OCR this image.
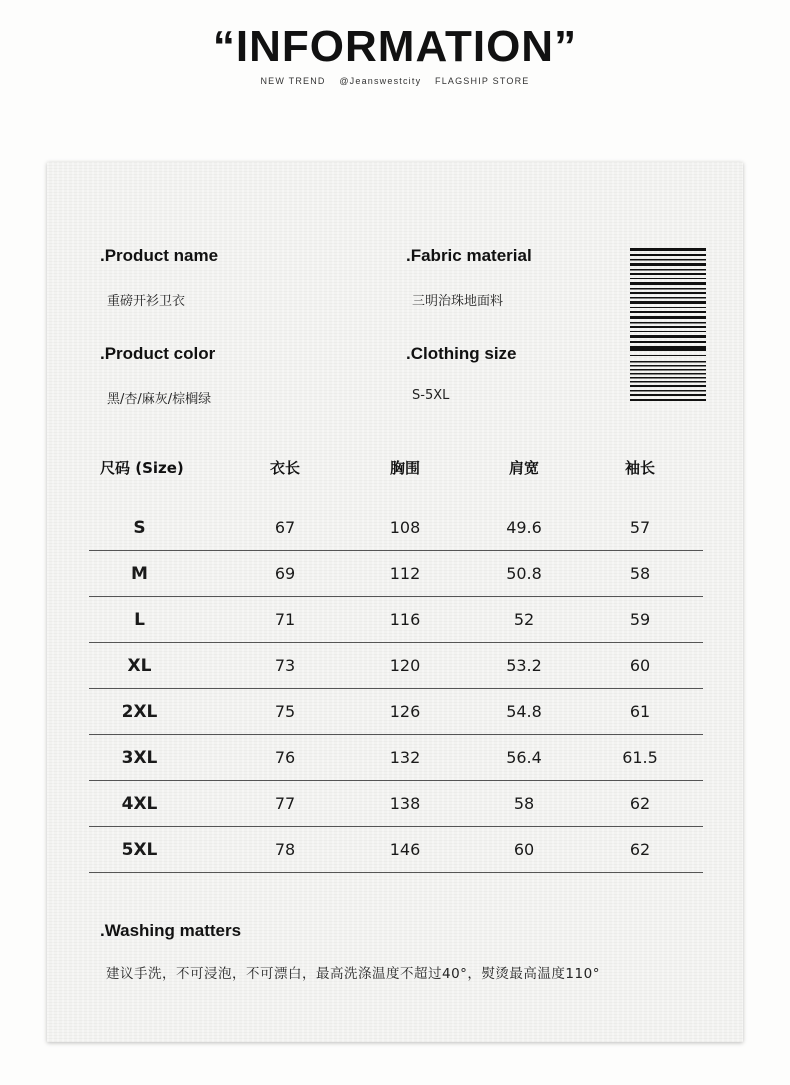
“INFORMATION”
NEW TREND @Jeanswestcity FLAGSHIP STORE
.Product name
重磅开衫卫衣
.Fabric material
三明治珠地面料
.Product color
黑/杏/麻灰/棕榈绿
.Clothing size
S-5XL
尺码 (Size)	衣长	胸围	肩宽	袖长
S	67	108	49.6	57
M	69	112	50.8	58
L	71	116	52	59
XL	73	120	53.2	60
2XL	75	126	54.8	61
3XL	76	132	56.4	61.5
4XL	77	138	58	62
5XL	78	146	60	62
.Washing matters
建议手洗，不可浸泡，不可漂白，最高洗涤温度不超过40°，熨烫最高温度110°
